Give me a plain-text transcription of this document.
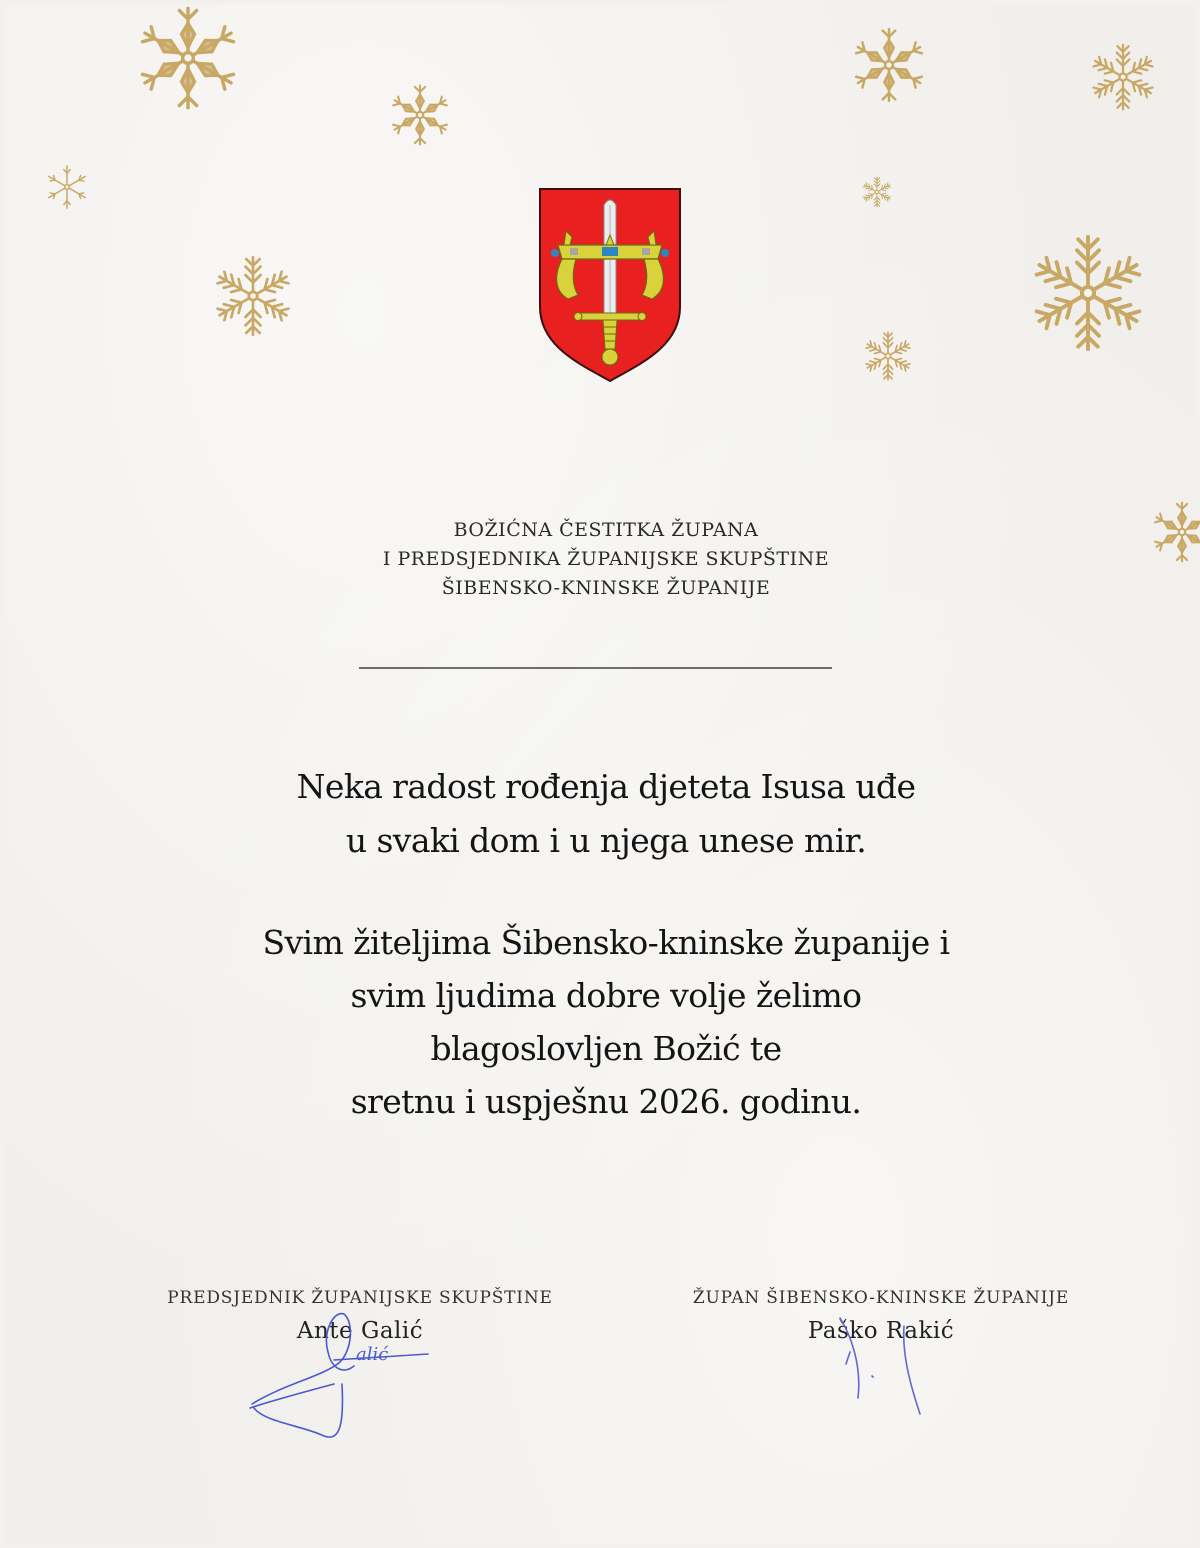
BOŽIĆNA ČESTITKA ŽUPANA
I PREDSJEDNIKA ŽUPANIJSKE SKUPŠTINE
ŠIBENSKO-KNINSKE ŽUPANIJE
Neka radost rođenja djeteta Isusa uđe
u svaki dom i u njega unese mir.
Svim žiteljima Šibensko-kninske županije i
svim ljudima dobre volje želimo
blagoslovljen Božić te
sretnu i uspješnu 2026. godinu.
PREDSJEDNIK ŽUPANIJSKE SKUPŠTINE
Ante Galić
alić
ŽUPAN ŠIBENSKO-KNINSKE ŽUPANIJE
Paško Rakić
